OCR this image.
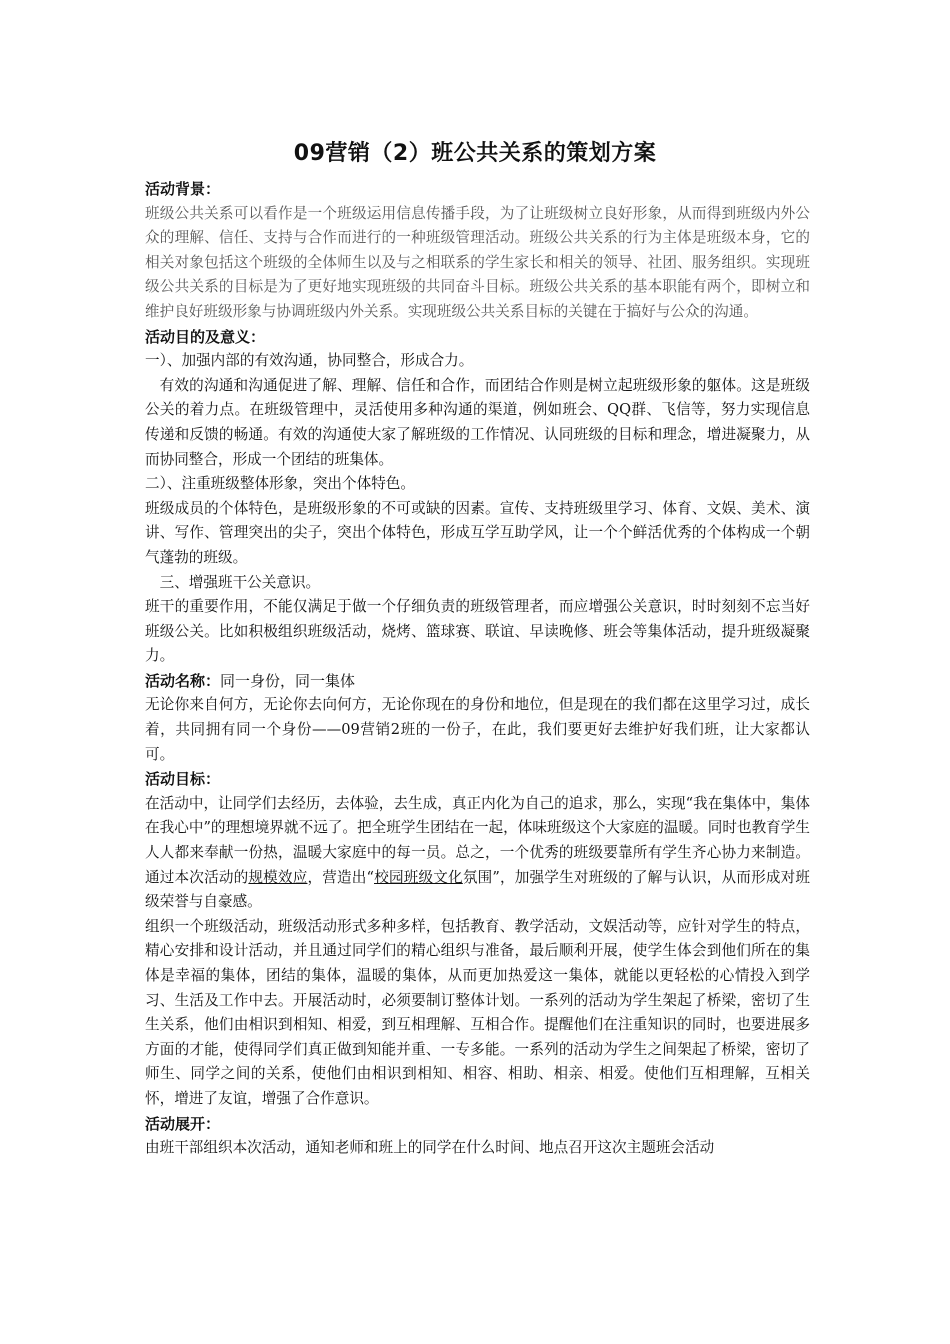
09营销（2）班公共关系的策划方案

活动背景：

班级公共关系可以看作是一个班级运用信息传播手段，为了让班级树立良好形象，从而得到班级内外公众的理解、信任、支持与合作而进行的一种班级管理活动。班级公共关系的行为主体是班级本身，它的相关对象包括这个班级的全体师生以及与之相联系的学生家长和相关的领导、社团、服务组织。实现班级公共关系的目标是为了更好地实现班级的共同奋斗目标。班级公共关系的基本职能有两个，即树立和维护良好班级形象与协调班级内外关系。实现班级公共关系目标的关键在于搞好与公众的沟通。

活动目的及意义：

一）、加强内部的有效沟通，协同整合，形成合力。

有效的沟通和沟通促进了解、理解、信任和合作，而团结合作则是树立起班级形象的躯体。这是班级公关的着力点。在班级管理中，灵活使用多种沟通的渠道，例如班会、QQ群、飞信等，努力实现信息传递和反馈的畅通。有效的沟通使大家了解班级的工作情况、认同班级的目标和理念，增进凝聚力，从而协同整合，形成一个团结的班集体。

二）、注重班级整体形象，突出个体特色。

班级成员的个体特色，是班级形象的不可或缺的因素。宣传、支持班级里学习、体育、文娱、美术、演讲、写作、管理突出的尖子，突出个体特色，形成互学互助学风，让一个个鲜活优秀的个体构成一个朝气蓬勃的班级。

三、增强班干公关意识。

班干的重要作用，不能仅满足于做一个仔细负责的班级管理者，而应增强公关意识，时时刻刻不忘当好班级公关。比如积极组织班级活动，烧烤、篮球赛、联谊、早读晚修、班会等集体活动，提升班级凝聚力。

活动名称：同一身份，同一集体

无论你来自何方，无论你去向何方，无论你现在的身份和地位，但是现在的我们都在这里学习过，成长着，共同拥有同一个身份——09营销2班的一份子，在此，我们要更好去维护好我们班，让大家都认可。

活动目标：

在活动中，让同学们去经历，去体验，去生成，真正内化为自己的追求，那么，实现“我在集体中，集体在我心中”的理想境界就不远了。把全班学生团结在一起，体味班级这个大家庭的温暖。同时也教育学生人人都来奉献一份热，温暖大家庭中的每一员。总之，一个优秀的班级要靠所有学生齐心协力来制造。通过本次活动的规模效应，营造出“校园班级文化氛围”，加强学生对班级的了解与认识，从而形成对班级荣誉与自豪感。

组织一个班级活动，班级活动形式多种多样，包括教育、教学活动，文娱活动等，应针对学生的特点，精心安排和设计活动，并且通过同学们的精心组织与准备，最后顺利开展，使学生体会到他们所在的集体是幸福的集体，团结的集体，温暖的集体，从而更加热爱这一集体，就能以更轻松的心情投入到学习、生活及工作中去。开展活动时，必须要制订整体计划。一系列的活动为学生架起了桥梁，密切了生生关系，他们由相识到相知、相爱，到互相理解、互相合作。提醒他们在注重知识的同时，也要进展多方面的才能，使得同学们真正做到知能并重、一专多能。一系列的活动为学生之间架起了桥梁，密切了师生、同学之间的关系，使他们由相识到相知、相容、相助、相亲、相爱。使他们互相理解，互相关怀，增进了友谊，增强了合作意识。

活动展开：

由班干部组织本次活动，通知老师和班上的同学在什么时间、地点召开这次主题班会活动
